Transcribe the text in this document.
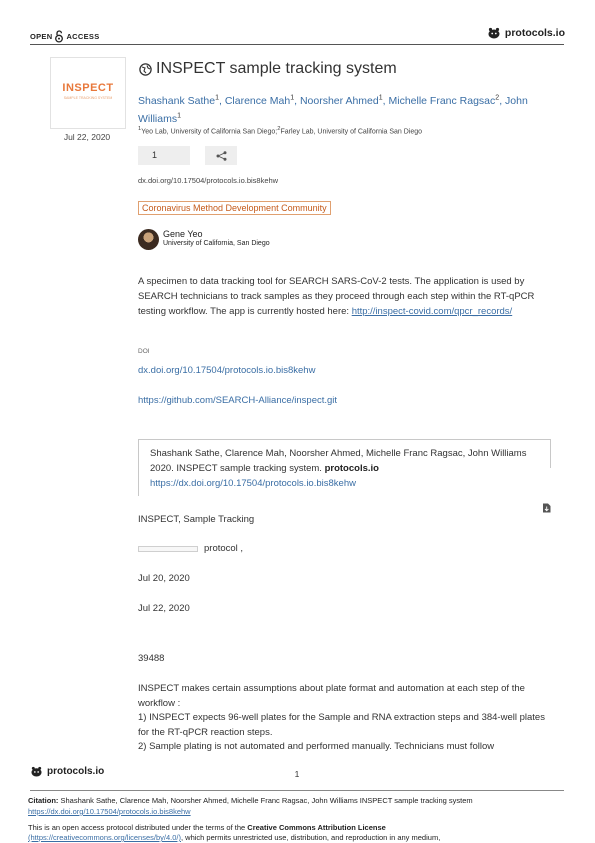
OPEN ACCESS	protocols.io
INSPECT
SAMPLE TRACKING SYSTEM
Jul 22, 2020
INSPECT sample tracking system
Shashank Sathe$^1$, Clarence Mah$^1$, Noorsher Ahmed$^1$, Michelle Franc Ragsac$^2$, John Williams$^1$
$^1$Yeo Lab, University of California San Diego;$^2$Farley Lab, University of California San Diego
1
dx.doi.org/10.17504/protocols.io.bis8kehw
Coronavirus Method Development Community
Gene Yeo
University of California, San Diego
A specimen to data tracking tool for SEARCH SARS-CoV-2 tests. The application is used by SEARCH technicians to track samples as they proceed through each step within the RT-qPCR testing workflow. The app is currently hosted here: http://inspect-covid.com/qpcr_records/
DOI
dx.doi.org/10.17504/protocols.io.bis8kehw
https://github.com/SEARCH-Alliance/inspect.git
Shashank Sathe, Clarence Mah, Noorsher Ahmed, Michelle Franc Ragsac, John Williams 2020. INSPECT sample tracking system. protocols.io
https://dx.doi.org/10.17504/protocols.io.bis8kehw
INSPECT, Sample Tracking
protocol ,
Jul 20, 2020
Jul 22, 2020
39488
INSPECT makes certain assumptions about plate format and automation at each step of the workflow :
1) INSPECT expects 96-well plates for the Sample and RNA extraction steps and 384-well plates for the RT-qPCR reaction steps.
2) Sample plating is not automated and performed manually. Technicians must follow
protocols.io	1
Citation: Shashank Sathe, Clarence Mah, Noorsher Ahmed, Michelle Franc Ragsac, John Williams INSPECT sample tracking system
https://dx.doi.org/10.17504/protocols.io.bis8kehw
This is an open access protocol distributed under the terms of the Creative Commons Attribution License
(https://creativecommons.org/licenses/by/4.0/), which permits unrestricted use, distribution, and reproduction in any medium,
